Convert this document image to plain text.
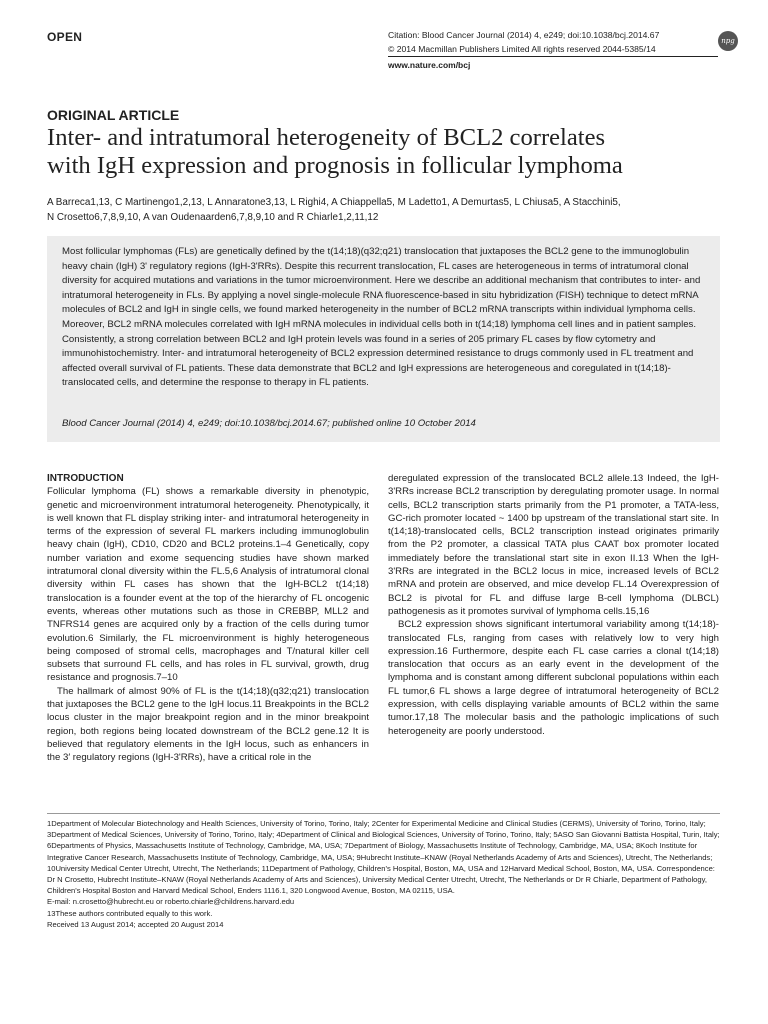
OPEN	Citation: Blood Cancer Journal (2014) 4, e249; doi:10.1038/bcj.2014.67
© 2014 Macmillan Publishers Limited All rights reserved 2044-5385/14
npg
www.nature.com/bcj
ORIGINAL ARTICLE
Inter- and intratumoral heterogeneity of BCL2 correlates
with IgH expression and prognosis in follicular lymphoma
A Barreca1,13, C Martinengo1,2,13, L Annaratone3,13, L Righi4, A Chiappella5, M Ladetto1, A Demurtas5, L Chiusa5, A Stacchini5,
N Crosetto6,7,8,9,10, A van Oudenaarden6,7,8,9,10 and R Chiarle1,2,11,12
Most follicular lymphomas (FLs) are genetically defined by the t(14;18)(q32;q21) translocation that juxtaposes the BCL2 gene to the immunoglobulin heavy chain (IgH) 3' regulatory regions (IgH-3'RRs). Despite this recurrent translocation, FL cases are heterogeneous in terms of intratumoral clonal diversity for acquired mutations and variations in the tumor microenvironment. Here we describe an additional mechanism that contributes to inter- and intratumoral heterogeneity in FLs. By applying a novel single-molecule RNA fluorescence-based in situ hybridization (FISH) technique to detect mRNA molecules of BCL2 and IgH in single cells, we found marked heterogeneity in the number of BCL2 mRNA transcripts within individual lymphoma cells. Moreover, BCL2 mRNA molecules correlated with IgH mRNA molecules in individual cells both in t(14;18) lymphoma cell lines and in patient samples. Consistently, a strong correlation between BCL2 and IgH protein levels was found in a series of 205 primary FL cases by flow cytometry and immunohistochemistry. Inter- and intratumoral heterogeneity of BCL2 expression determined resistance to drugs commonly used in FL treatment and affected overall survival of FL patients. These data demonstrate that BCL2 and IgH expressions are heterogeneous and coregulated in t(14;18)-translocated cells, and determine the response to therapy in FL patients.
Blood Cancer Journal (2014) 4, e249; doi:10.1038/bcj.2014.67; published online 10 October 2014
INTRODUCTION

Follicular lymphoma (FL) shows a remarkable diversity in phenotypic, genetic and microenvironment intratumoral heterogeneity. Phenotypically, it is well known that FL display striking inter- and intratumoral heterogeneity in terms of the expression of several FL markers including immunoglobulin heavy chain (IgH), CD10, CD20 and BCL2 proteins.1–4 Genetically, copy number variation and exome sequencing studies have shown marked intratumoral clonal diversity within the FL.5,6 Analysis of intratumoral clonal diversity within FL cases has shown that the IgH-BCL2 t(14;18) translocation is a founder event at the top of the hierarchy of FL oncogenic events, whereas other mutations such as those in CREBBP, MLL2 and TNFRS14 genes are acquired only by a fraction of the cells during tumor evolution.6 Similarly, the FL microenvironment is highly heterogeneous being composed of stromal cells, macrophages and T/natural killer cell subsets that surround FL cells, and has roles in FL survival, growth, drug resistance and prognosis.7–10

The hallmark of almost 90% of FL is the t(14;18)(q32;q21) translocation that juxtaposes the BCL2 gene to the IgH locus.11 Breakpoints in the BCL2 locus cluster in the major breakpoint region and in the minor breakpoint region, both regions being located downstream of the BCL2 gene.12 It is believed that regulatory elements in the IgH locus, such as enhancers in the 3′ regulatory regions (IgH-3'RRs), have a critical role in the

deregulated expression of the translocated BCL2 allele.13 Indeed, the IgH-3'RRs increase BCL2 transcription by deregulating promoter usage. In normal cells, BCL2 transcription starts primarily from the P1 promoter, a TATA-less, GC-rich promoter located ~ 1400 bp upstream of the translational start site. In t(14;18)-translocated cells, BCL2 transcription instead originates primarily from the P2 promoter, a classical TATA plus CAAT box promoter located immediately before the translational start site in exon II.13 When the IgH-3'RRs are integrated in the BCL2 locus in mice, increased levels of BCL2 mRNA and protein are observed, and mice develop FL.14 Overexpression of BCL2 is pivotal for FL and diffuse large B-cell lymphoma (DLBCL) pathogenesis as it promotes survival of lymphoma cells.15,16

BCL2 expression shows significant intertumoral variability among t(14;18)-translocated FLs, ranging from cases with relatively low to very high expression.16 Furthermore, despite each FL case carries a clonal t(14;18) translocation that occurs as an early event in the development of the lymphoma and is constant among different subclonal populations within each FL tumor,6 FL shows a large degree of intratumoral heterogeneity of BCL2 expression, with cells displaying variable amounts of BCL2 within the same tumor.17,18 The molecular basis and the pathologic implications of such heterogeneity are poorly understood.

1Department of Molecular Biotechnology and Health Sciences, University of Torino, Torino, Italy; 2Center for Experimental Medicine and Clinical Studies (CERMS), University of Torino, Torino, Italy; 3Department of Medical Sciences, University of Torino, Torino, Italy; 4Department of Clinical and Biological Sciences, University of Torino, Torino, Italy; 5ASO San Giovanni Battista Hospital, Turin, Italy; 6Departments of Physics, Massachusetts Institute of Technology, Cambridge, MA, USA; 7Department of Biology, Massachusetts Institute of Technology, Cambridge, MA, USA; 8Koch Institute for Integrative Cancer Research, Massachusetts Institute of Technology, Cambridge, MA, USA; 9Hubrecht Institute–KNAW (Royal Netherlands Academy of Arts and Sciences), Utrecht, The Netherlands; 10University Medical Center Utrecht, Utrecht, The Netherlands; 11Department of Pathology, Children's Hospital, Boston, MA, USA and 12Harvard Medical School, Boston, MA, USA. Correspondence: Dr N Crosetto, Hubrecht Institute–KNAW (Royal Netherlands Academy of Arts and Sciences), University Medical Center Utrecht, Utrecht, The Netherlands or Dr R Chiarle, Department of Pathology, Children's Hospital Boston and Harvard Medical School, Enders 1116.1, 320 Longwood Avenue, Boston, MA 02115, USA.
E-mail: n.crosetto@hubrecht.eu or roberto.chiarle@childrens.harvard.edu
13These authors contributed equally to this work.
Received 13 August 2014; accepted 20 August 2014
